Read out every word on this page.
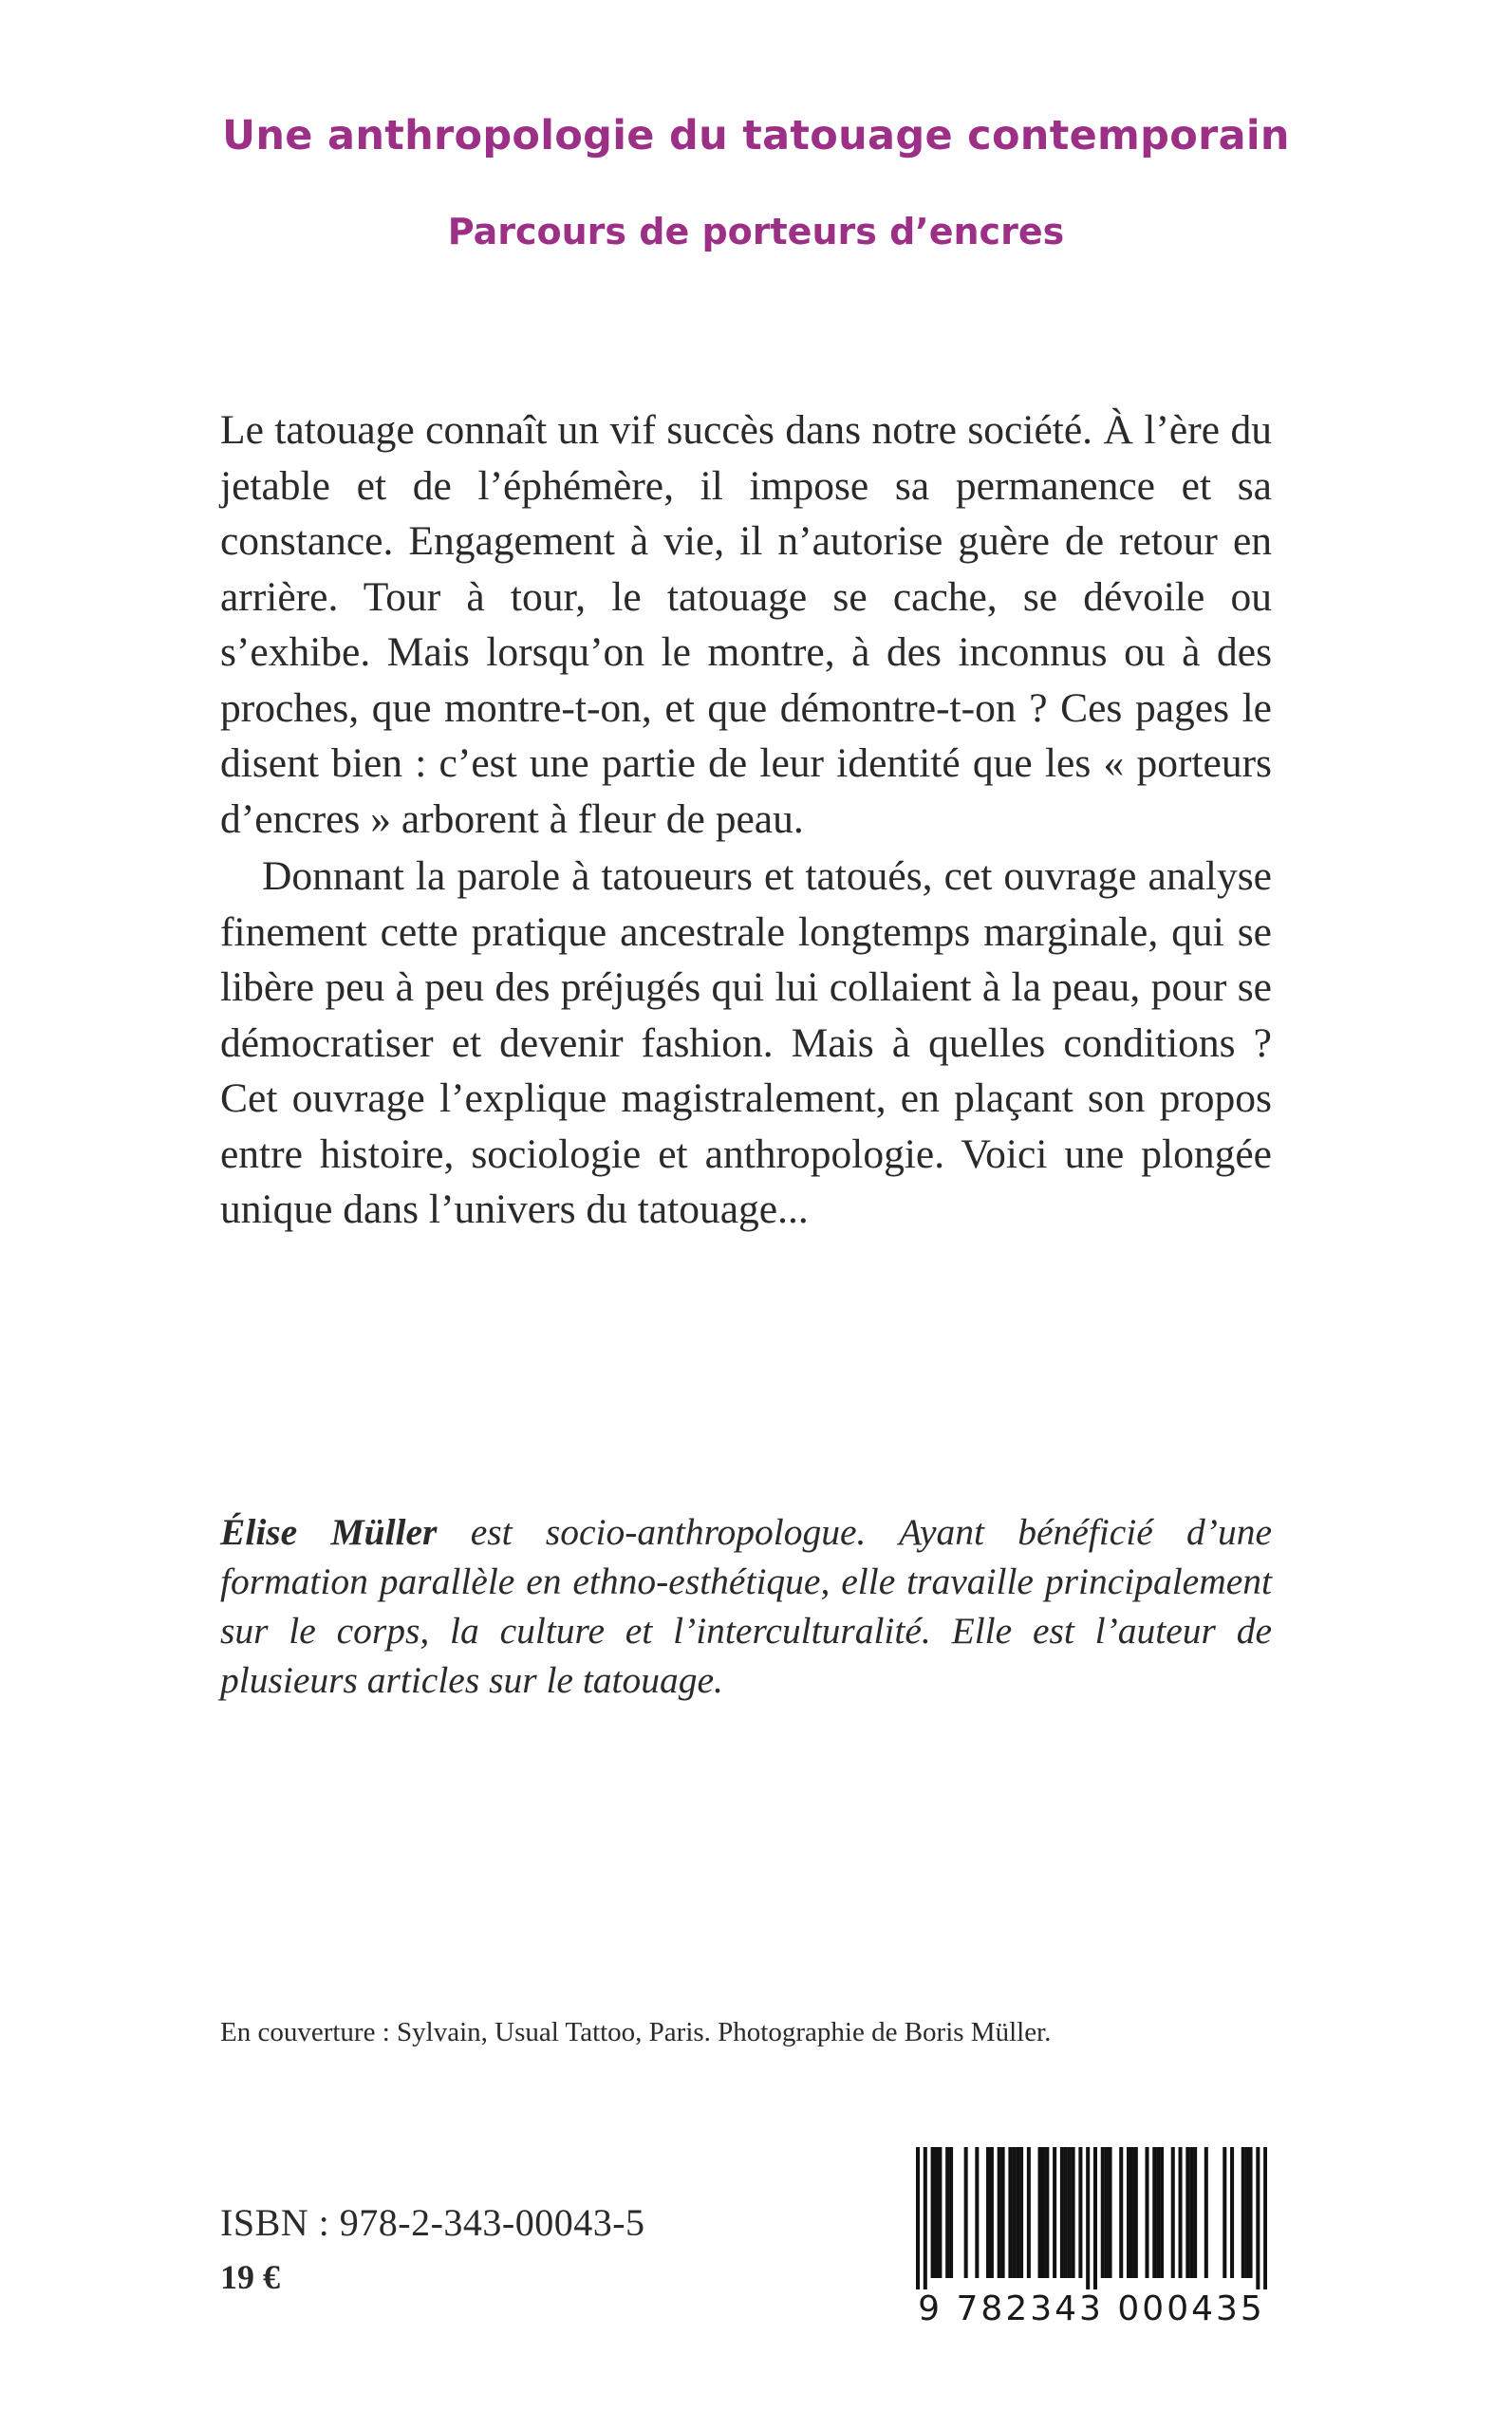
Une anthropologie du tatouage contemporain
Parcours de porteurs d’encres

Le tatouage connaît un vif succès dans notre société. À l’ère du jetable et de l’éphémère, il impose sa permanence et sa constance. Engagement à vie, il n’autorise guère de retour en arrière. Tour à tour, le tatouage se cache, se dévoile ou s’exhibe. Mais lorsqu’on le montre, à des inconnus ou à des proches, que montre-t-on, et que démontre-t-on ? Ces pages le disent bien : c’est une partie de leur identité que les « porteurs d’encres » arborent à fleur de peau.

Donnant la parole à tatoueurs et tatoués, cet ouvrage analyse finement cette pratique ancestrale longtemps marginale, qui se libère peu à peu des préjugés qui lui collaient à la peau, pour se démocratiser et devenir fashion. Mais à quelles conditions ? Cet ouvrage l’explique magistralement, en plaçant son propos entre histoire, sociologie et anthropologie. Voici une plongée unique dans l’univers du tatouage...

Élise Müller est socio-anthropologue. Ayant bénéficié d’une formation parallèle en ethno-esthétique, elle travaille principalement sur le corps, la culture et l’interculturalité. Elle est l’auteur de plusieurs articles sur le tatouage.

En couverture : Sylvain, Usual Tattoo, Paris. Photographie de Boris Müller.

ISBN : 978-2-343-00043-5

19 €

9 782343 000435
